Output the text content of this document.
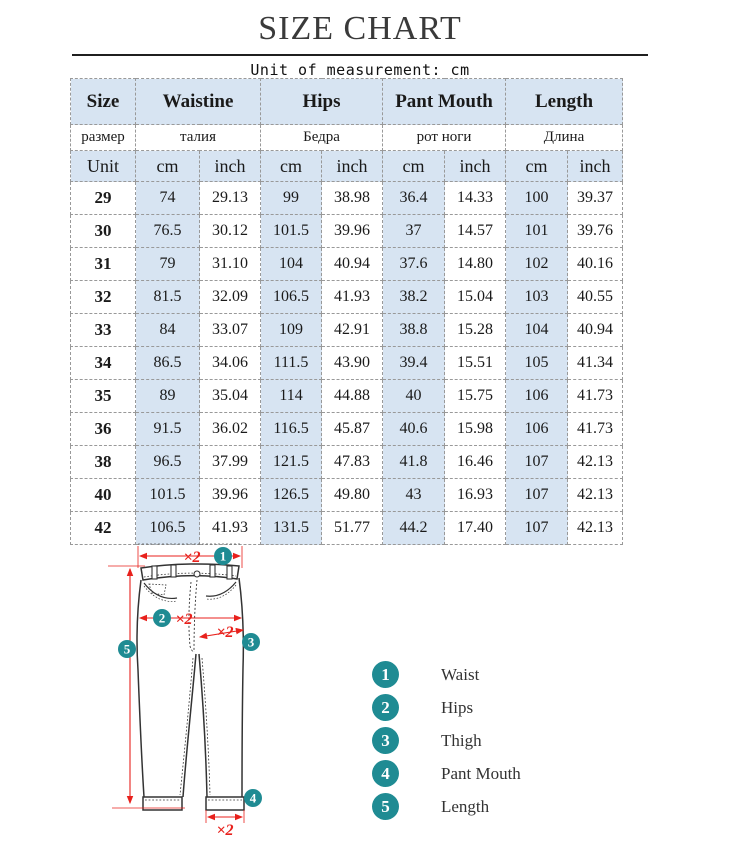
SIZE CHART
Unit of measurement: cm
Size	Waistine		Hips		Pant Mouth		Length	
размер	талия		Бедра		рот ноги		Длина	
Unit	cm	inch	cm	inch	cm	inch	cm	inch
29	74	29.13	99	38.98	36.4	14.33	100	39.37
30	76.5	30.12	101.5	39.96	37	14.57	101	39.76
31	79	31.10	104	40.94	37.6	14.80	102	40.16
32	81.5	32.09	106.5	41.93	38.2	15.04	103	40.55
33	84	33.07	109	42.91	38.8	15.28	104	40.94
34	86.5	34.06	111.5	43.90	39.4	15.51	105	41.34
35	89	35.04	114	44.88	40	15.75	106	41.73
36	91.5	36.02	116.5	45.87	40.6	15.98	106	41.73
38	96.5	37.99	121.5	47.83	41.8	16.46	107	42.13
40	101.5	39.96	126.5	49.80	43	16.93	107	42.13
42	106.5	41.93	131.5	51.77	44.2	17.40	107	42.13
×2
×2
×2
×2
1
2
3
4
5
1	Waist
2	Hips
3	Thigh
4	Pant Mouth
5	Length
